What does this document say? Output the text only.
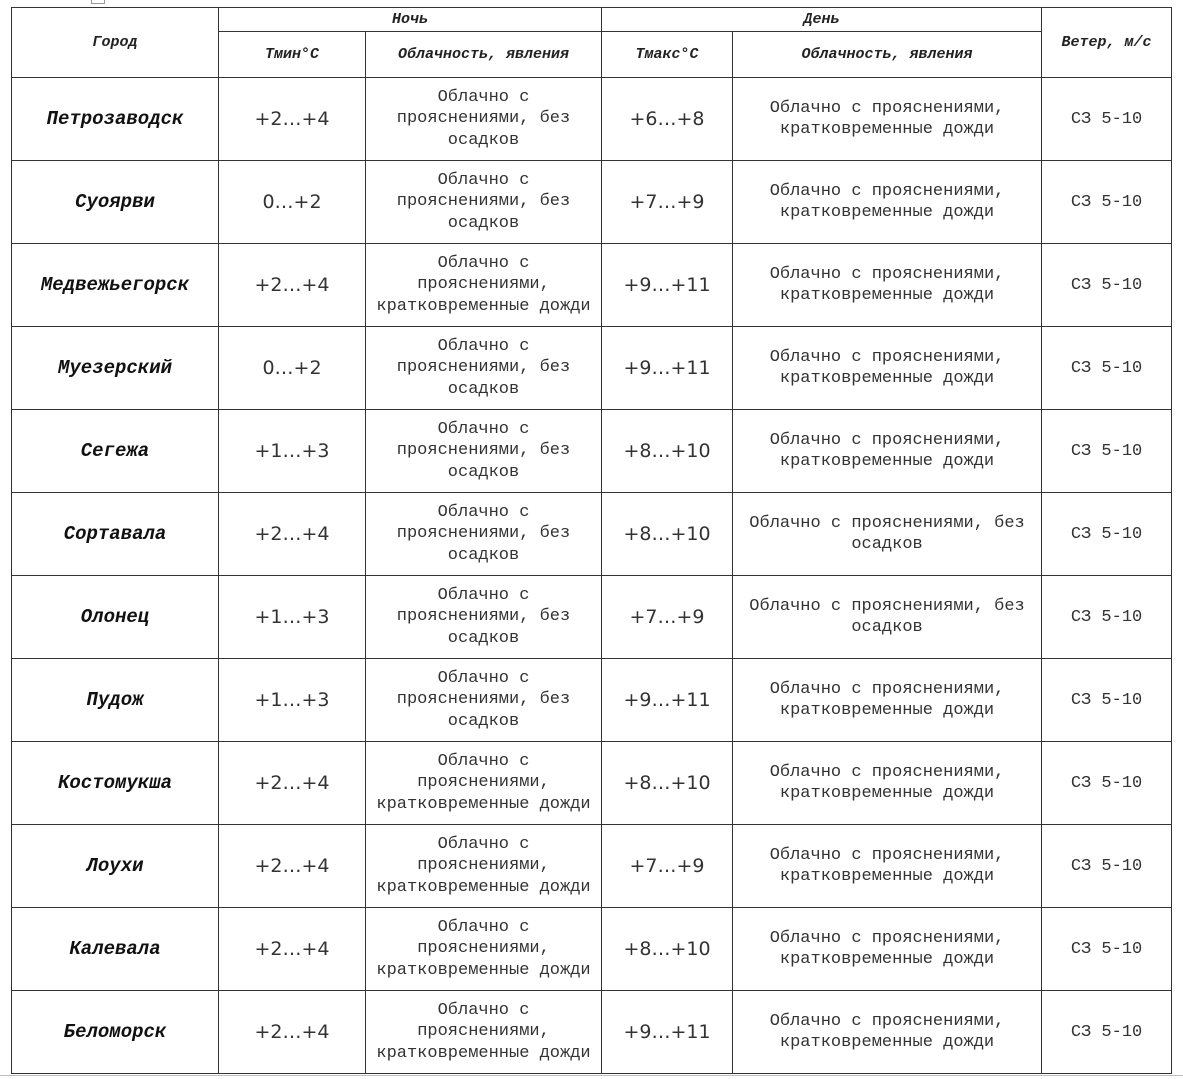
Город	Ночь		День		Ветер, м/с
	Тмин°С	Облачность, явления	Тмакс°С	Облачность, явления	
Петрозаводск	+2…+4	Облачно с прояснениями, без осадков	+6…+8	Облачно с прояснениями, кратковременные дожди	СЗ 5-10
Суоярви	0…+2	Облачно с прояснениями, без осадков	+7…+9	Облачно с прояснениями, кратковременные дожди	СЗ 5-10
Медвежьегорск	+2…+4	Облачно с прояснениями, кратковременные дожди	+9…+11	Облачно с прояснениями, кратковременные дожди	СЗ 5-10
Муезерский	0…+2	Облачно с прояснениями, без осадков	+9…+11	Облачно с прояснениями, кратковременные дожди	СЗ 5-10
Сегежа	+1…+3	Облачно с прояснениями, без осадков	+8…+10	Облачно с прояснениями, кратковременные дожди	СЗ 5-10
Сортавала	+2…+4	Облачно с прояснениями, без осадков	+8…+10	Облачно с прояснениями, без осадков	СЗ 5-10
Олонец	+1…+3	Облачно с прояснениями, без осадков	+7…+9	Облачно с прояснениями, без осадков	СЗ 5-10
Пудож	+1…+3	Облачно с прояснениями, без осадков	+9…+11	Облачно с прояснениями, кратковременные дожди	СЗ 5-10
Костомукша	+2…+4	Облачно с прояснениями, кратковременные дожди	+8…+10	Облачно с прояснениями, кратковременные дожди	СЗ 5-10
Лоухи	+2…+4	Облачно с прояснениями, кратковременные дожди	+7…+9	Облачно с прояснениями, кратковременные дожди	СЗ 5-10
Калевала	+2…+4	Облачно с прояснениями, кратковременные дожди	+8…+10	Облачно с прояснениями, кратковременные дожди	СЗ 5-10
Беломорск	+2…+4	Облачно с прояснениями, кратковременные дожди	+9…+11	Облачно с прояснениями, кратковременные дожди	СЗ 5-10
